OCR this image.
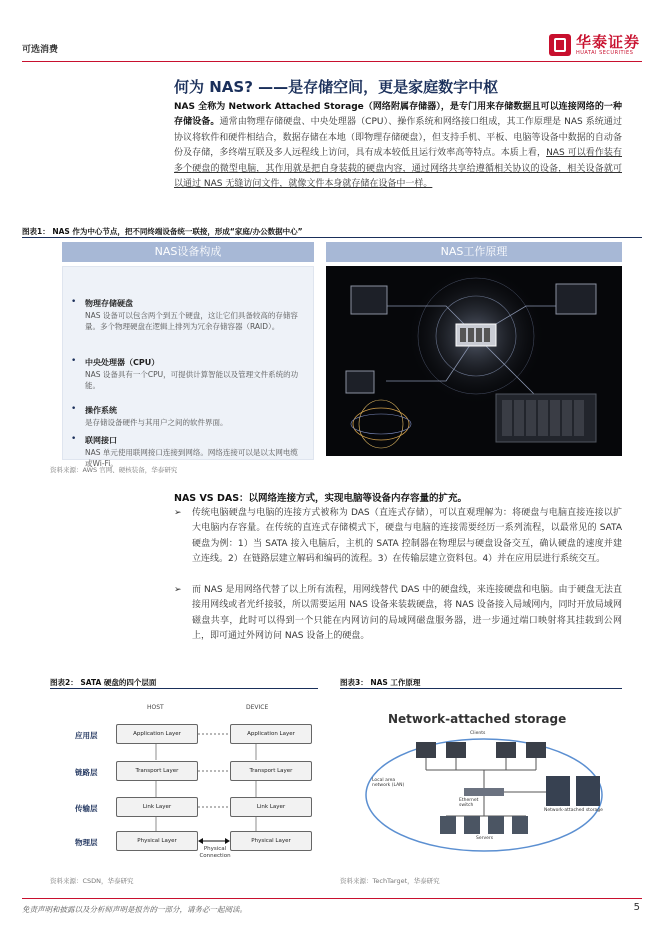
可选消费	华泰证券
HUATAI SECURITIES
何为 NAS? ——是存储空间，更是家庭数字中枢
NAS 全称为 Network Attached Storage（网络附属存储器），是专门用来存储数据且可以连接网络的一种存储设备。通常由物理存储硬盘、中央处理器（CPU）、操作系统和网络接口组成，其工作原理是 NAS 系统通过协议将软件和硬件相结合，数据存储在本地（即物理存储硬盘），但支持手机、平板、电脑等设备中数据的自动备份及存储，多终端互联及多人远程线上访问，具有成本较低且运行效率高等特点。本质上看，NAS 可以看作装有多个硬盘的微型电脑，其作用就是把自身装载的硬盘内容，通过网络共享给遵循相关协议的设备，相关设备就可以通过 NAS 无缝访问文件，就像文件本身就存储在设备中一样。
图表1： NAS 作为中心节点，把不同终端设备统一联接，形成“家庭/办公数据中心”
NAS设备构成
• 物理存储硬盘
NAS 设备可以包含两个到五个硬盘，这让它们具备较高的存储容量。多个物理硬盘在逻辑上排列为冗余存储容器（RAID）。
• 中央处理器（CPU）
NAS 设备具有一个CPU，可提供计算智能以及管理文件系统的功能。
• 操作系统
是存储设备硬件与其用户之间的软件界面。
• 联网接口
NAS 单元使用联网接口连接到网络。网络连接可以是以太网电缆或Wi-Fi。
NAS工作原理
资料来源：AWS 官网、硬核装备，华泰研究
NAS VS DAS：以网络连接方式，实现电脑等设备内存容量的扩充。
➢ 传统电脑硬盘与电脑的连接方式被称为 DAS（直连式存储），可以直观理解为：将硬盘与电脑直接连接以扩大电脑内存容量。在传统的直连式存储模式下，硬盘与电脑的连接需要经历一系列流程，以最常见的 SATA 硬盘为例：1）当 SATA 接入电脑后，主机的 SATA 控制器在物理层与硬盘设备交互，确认硬盘的速度并建立连线。2）在链路层建立解码和编码的流程。3）在传输层建立资料包。4）并在应用层进行系统交互。
➢ 而 NAS 是用网络代替了以上所有流程，用网线替代 DAS 中的硬盘线，来连接硬盘和电脑。由于硬盘无法直接用网线或者光纤接驳，所以需要运用 NAS 设备来装载硬盘，将 NAS 设备接入局域网内，同时开放局域网磁盘共享，此时可以得到一个只能在内网访问的局域网磁盘服务器，进一步通过端口映射将其挂载到公网上，即可通过外网访问 NAS 设备上的硬盘。
图表2： SATA 硬盘的四个层面
HOST	DEVICE
应用层
链路层
传输层
物理层
Application Layer
Transport Layer
Link Layer
Physical Layer
Application Layer
Transport Layer
Link Layer
Physical Layer
Physical Connection
资料来源：CSDN，华泰研究
图表3： NAS 工作原理
Network-attached storage
Clients
Local area network (LAN)
Ethernet switch
Network-attached storage
Servers
资料来源：TechTarget，华泰研究
免责声明和披露以及分析师声明是报告的一部分，请务必一起阅读。	5
